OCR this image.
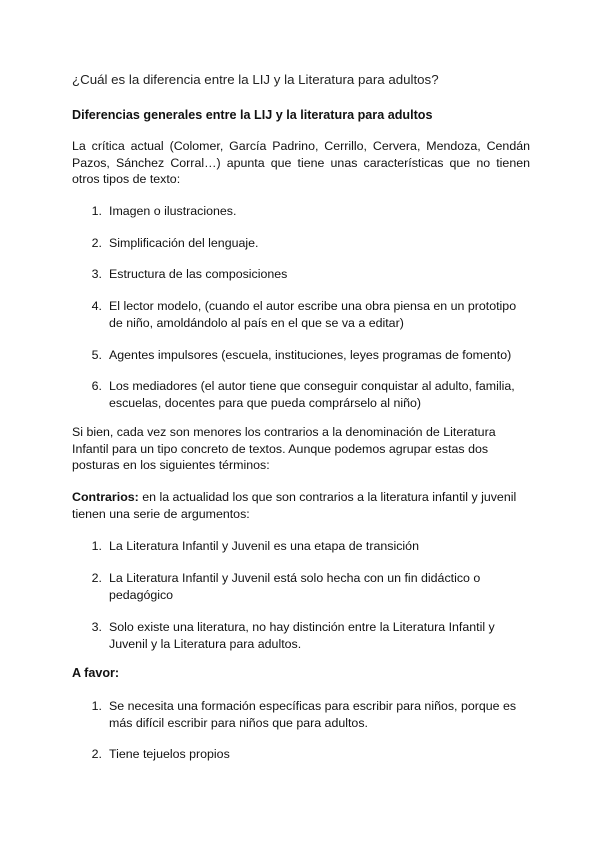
¿Cuál es la diferencia entre la LIJ y la Literatura para adultos?
Diferencias generales entre la LIJ y la literatura para adultos
La crítica actual (Colomer, García Padrino, Cerrillo, Cervera, Mendoza, Cendán Pazos, Sánchez Corral…) apunta que tiene unas características que no tienen otros tipos de texto:
1. Imagen o ilustraciones.
2. Simplificación del lenguaje.
3. Estructura de las composiciones
4. El lector modelo, (cuando el autor escribe una obra piensa en un prototipo de niño, amoldándolo al país en el que se va a editar)
5. Agentes impulsores (escuela, instituciones, leyes programas de fomento)
6. Los mediadores (el autor tiene que conseguir conquistar al adulto, familia, escuelas, docentes para que pueda comprárselo al niño)
Si bien, cada vez son menores los contrarios a la denominación de Literatura Infantil para un tipo concreto de textos. Aunque podemos agrupar estas dos posturas en los siguientes términos:
Contrarios: en la actualidad los que son contrarios a la literatura infantil y juvenil tienen una serie de argumentos:
1. La Literatura Infantil y Juvenil es una etapa de transición
2. La Literatura Infantil y Juvenil está solo hecha con un fin didáctico o pedagógico
3. Solo existe una literatura, no hay distinción entre la Literatura Infantil y Juvenil y la Literatura para adultos.
A favor:
1. Se necesita una formación específicas para escribir para niños, porque es más difícil escribir para niños que para adultos.
2. Tiene tejuelos propios
